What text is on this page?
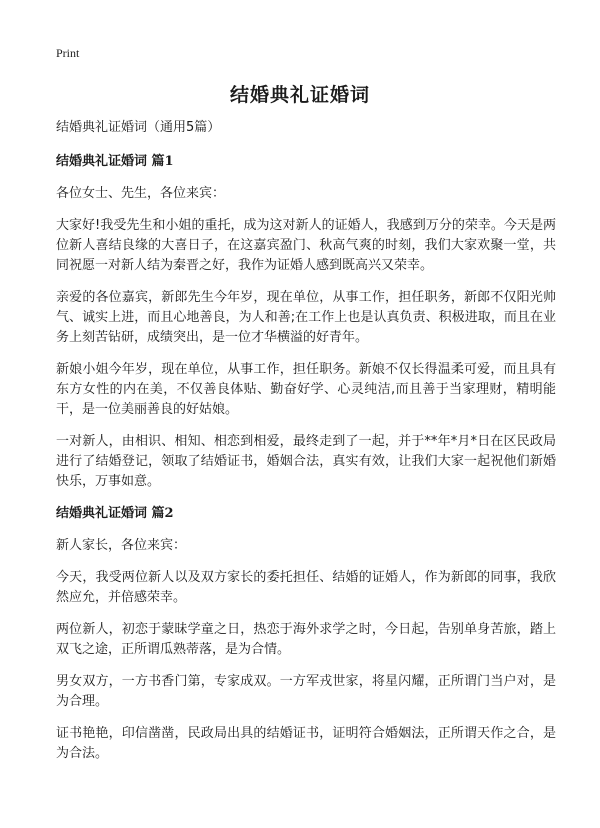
Print
结婚典礼证婚词

结婚典礼证婚词（通用5篇）

结婚典礼证婚词 篇1

各位女士、先生，各位来宾：

大家好!我受先生和小姐的重托，成为这对新人的证婚人，我感到万分的荣幸。今天是两位新人喜结良缘的大喜日子，在这嘉宾盈门、秋高气爽的时刻，我们大家欢聚一堂，共同祝愿一对新人结为秦晋之好，我作为证婚人感到既高兴又荣幸。

亲爱的各位嘉宾，新郎先生今年岁，现在单位，从事工作，担任职务，新郎不仅阳光帅气、诚实上进，而且心地善良，为人和善;在工作上也是认真负责、积极进取，而且在业务上刻苦钻研，成绩突出，是一位才华横溢的好青年。

新娘小姐今年岁，现在单位，从事工作，担任职务。新娘不仅长得温柔可爱，而且具有东方女性的内在美，不仅善良体贴、勤奋好学、心灵纯洁,而且善于当家理财，精明能干，是一位美丽善良的好姑娘。

一对新人，由相识、相知、相恋到相爱，最终走到了一起，并于**年*月*日在区民政局进行了结婚登记，领取了结婚证书，婚姻合法，真实有效，让我们大家一起祝他们新婚快乐，万事如意。

结婚典礼证婚词 篇2

新人家长，各位来宾：

今天，我受两位新人以及双方家长的委托担任、结婚的证婚人，作为新郎的同事，我欣然应允，并倍感荣幸。

两位新人，初恋于蒙昧学童之日，热恋于海外求学之时，今日起，告别单身苦旅，踏上双飞之途，正所谓瓜熟蒂落，是为合情。

男女双方，一方书香门第，专家成双。一方军戎世家，将星闪耀，正所谓门当户对，是为合理。

证书艳艳，印信凿凿，民政局出具的结婚证书，证明符合婚姻法，正所谓天作之合，是为合法。
